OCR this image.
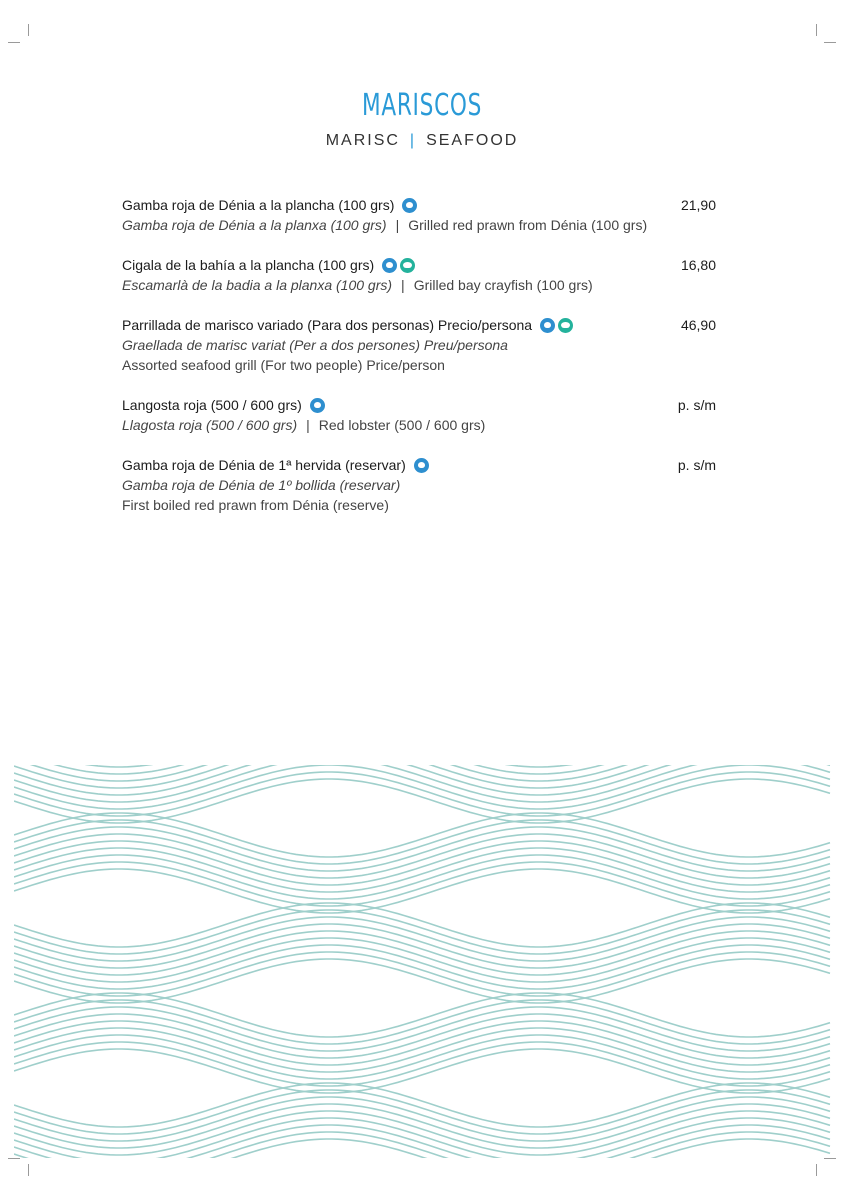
MARISCOS
MARISC | SEAFOOD
Gamba roja de Dénia a la plancha (100 grs)	21,90
Gamba roja de Dénia a la planxa (100 grs) | Grilled red prawn from Dénia (100 grs)
Cigala de la bahía a la plancha (100 grs)	16,80
Escamarlà de la badia a la planxa (100 grs) | Grilled bay crayfish (100 grs)
Parrillada de marisco variado (Para dos personas) Precio/persona	46,90
Graellada de marisc variat (Per a dos persones) Preu/persona
Assorted seafood grill (For two people) Price/person
Langosta roja (500 / 600 grs)	p. s/m
Llagosta roja (500 / 600 grs) | Red lobster (500 / 600 grs)
Gamba roja de Dénia de 1ª hervida (reservar)	p. s/m
Gamba roja de Dénia de 1º bollida (reservar)
First boiled red prawn from Dénia (reserve)
